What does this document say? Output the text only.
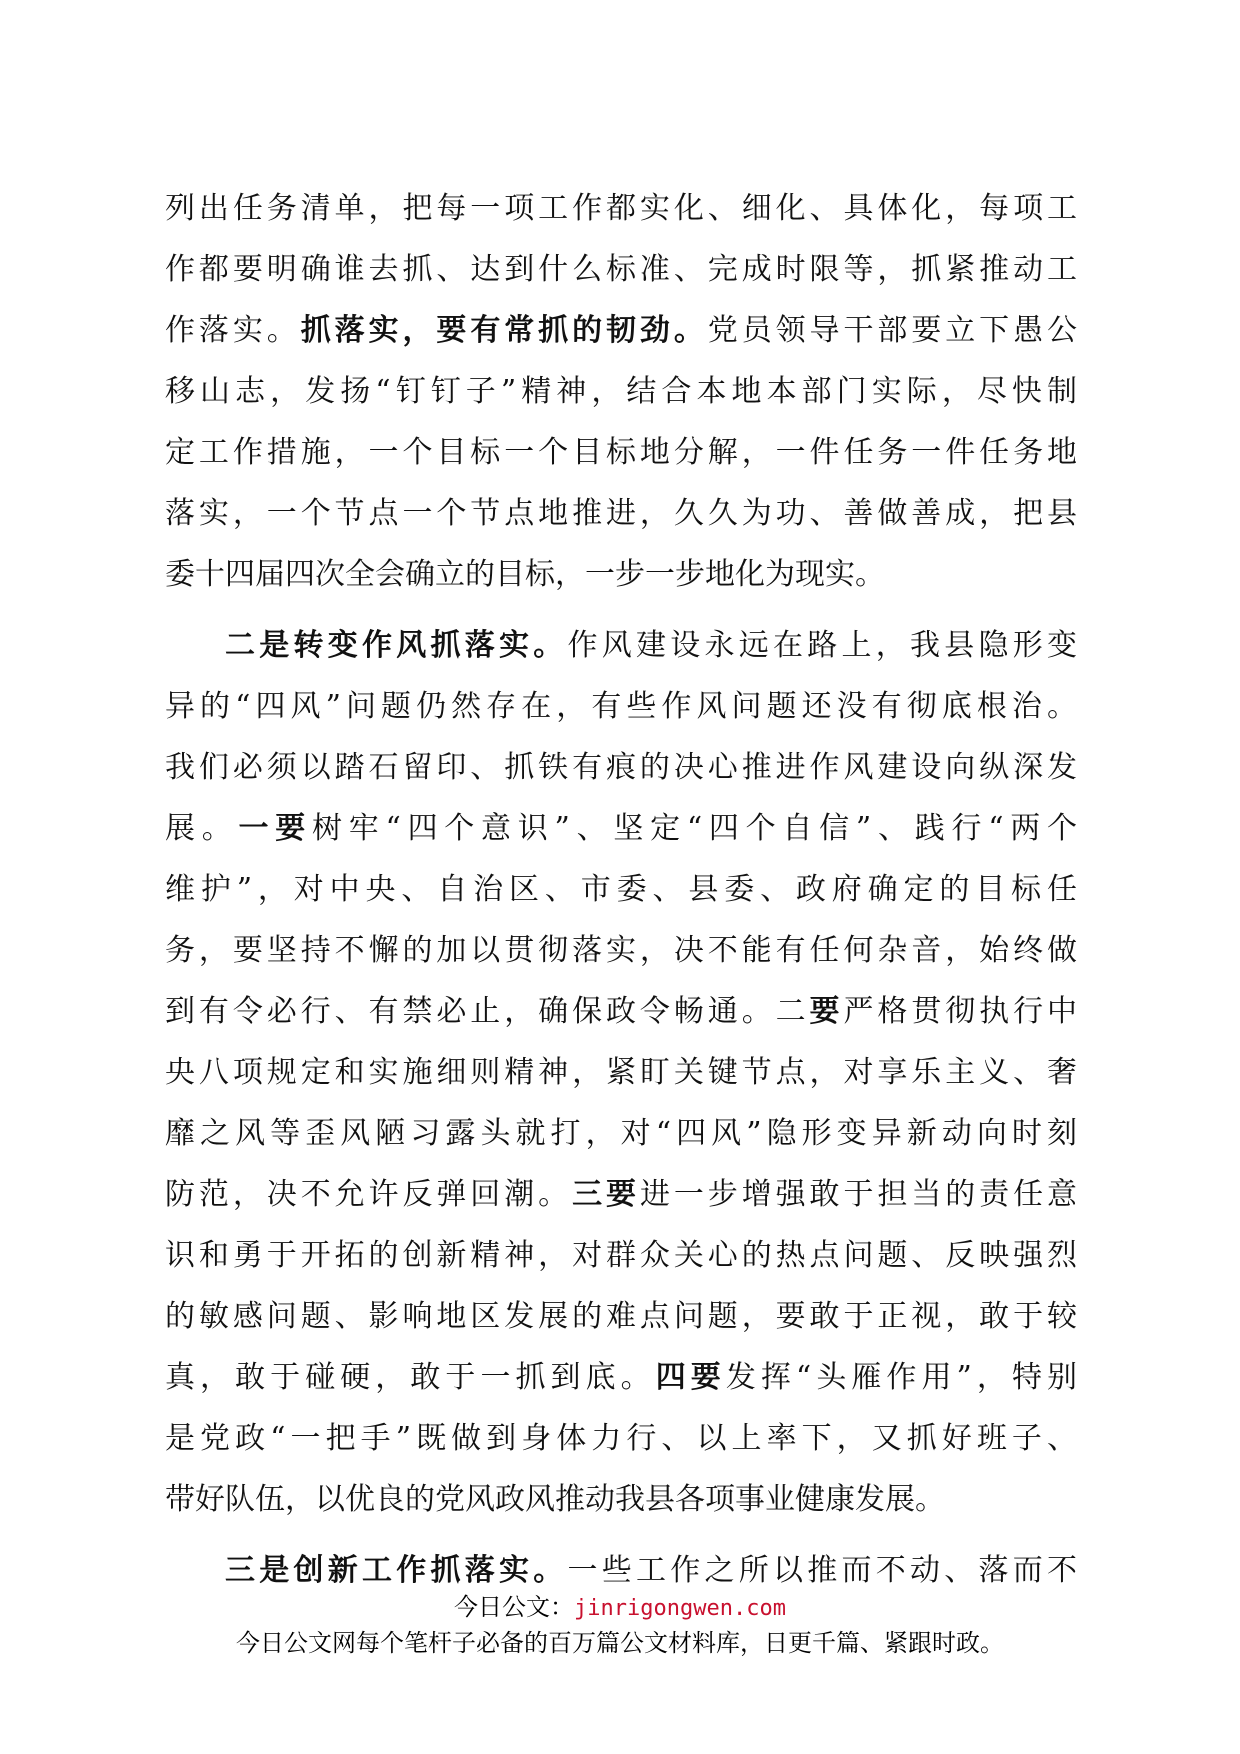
列出任务清单，把每一项工作都实化、细化、具体化，每项工
作都要明确谁去抓、达到什么标准、完成时限等，抓紧推动工
作落实。抓落实，要有常抓的韧劲。党员领导干部要立下愚公
移山志，发扬“钉钉子”精神，结合本地本部门实际，尽快制
定工作措施，一个目标一个目标地分解，一件任务一件任务地
落实，一个节点一个节点地推进，久久为功、善做善成，把县
委十四届四次全会确立的目标，一步一步地化为现实。
二是转变作风抓落实。作风建设永远在路上，我县隐形变
异的“四风”问题仍然存在，有些作风问题还没有彻底根治。
我们必须以踏石留印、抓铁有痕的决心推进作风建设向纵深发
展。一要树牢“四个意识”、坚定“四个自信”、践行“两个
维护”，对中央、自治区、市委、县委、政府确定的目标任
务，要坚持不懈的加以贯彻落实，决不能有任何杂音，始终做
到有令必行、有禁必止，确保政令畅通。二要严格贯彻执行中
央八项规定和实施细则精神，紧盯关键节点，对享乐主义、奢
靡之风等歪风陋习露头就打，对“四风”隐形变异新动向时刻
防范，决不允许反弹回潮。三要进一步增强敢于担当的责任意
识和勇于开拓的创新精神，对群众关心的热点问题、反映强烈
的敏感问题、影响地区发展的难点问题，要敢于正视，敢于较
真，敢于碰硬，敢于一抓到底。四要发挥“头雁作用”，特别
是党政“一把手”既做到身体力行、以上率下，又抓好班子、
带好队伍，以优良的党风政风推动我县各项事业健康发展。
三是创新工作抓落实。一些工作之所以推而不动、落而不
今日公文：jinrigongwen.com
今日公文网每个笔杆子必备的百万篇公文材料库，日更千篇、紧跟时政。
